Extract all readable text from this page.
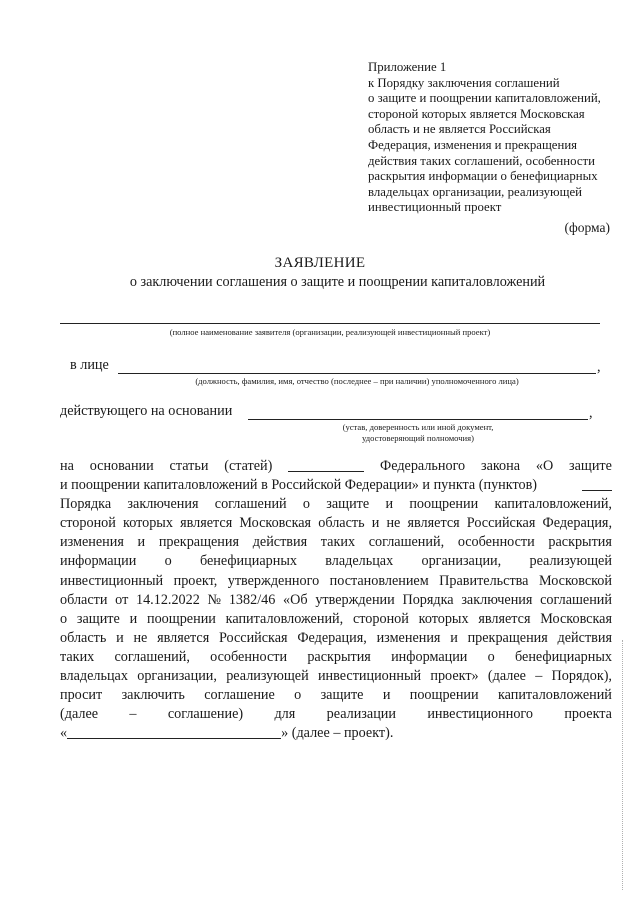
Приложение 1
к Порядку заключения соглашений
о защите и поощрении капиталовложений,
стороной которых является Московская
область и не является Российская
Федерация, изменения и прекращения
действия таких соглашений, особенности
раскрытия информации о бенефициарных
владельцах организации, реализующей
инвестиционный проект
(форма)
ЗАЯВЛЕНИЕ
о заключении соглашения о защите и поощрении капиталовложений
(полное наименование заявителя (организации, реализующей инвестиционный проект)
в лице	,
(должность, фамилия, имя, отчество (последнее – при наличии) уполномоченного лица)
действующего на основании	,
(устав, доверенность или иной документ,
удостоверяющий полномочия)
на основании статьи (статей)	Федерального закона «О защите
и поощрении капиталовложений в Российской Федерации» и пункта (пунктов)
Порядка заключения соглашений о защите и поощрении капиталовложений,
стороной которых является Московская область и не является Российская Федерация,
изменения и прекращения действия таких соглашений, особенности раскрытия
информации о бенефициарных владельцах организации, реализующей
инвестиционный проект, утвержденного постановлением Правительства Московской
области от 14.12.2022 № 1382/46 «Об утверждении Порядка заключения соглашений
о защите и поощрении капиталовложений, стороной которых является Московская
область и не является Российская Федерация, изменения и прекращения действия
таких соглашений, особенности раскрытия информации о бенефициарных
владельцах организации, реализующей инвестиционный проект» (далее – Порядок),
просит заключить соглашение о защите и поощрении капиталовложений
(далее – соглашение) для реализации инвестиционного проекта
«	» (далее – проект).
